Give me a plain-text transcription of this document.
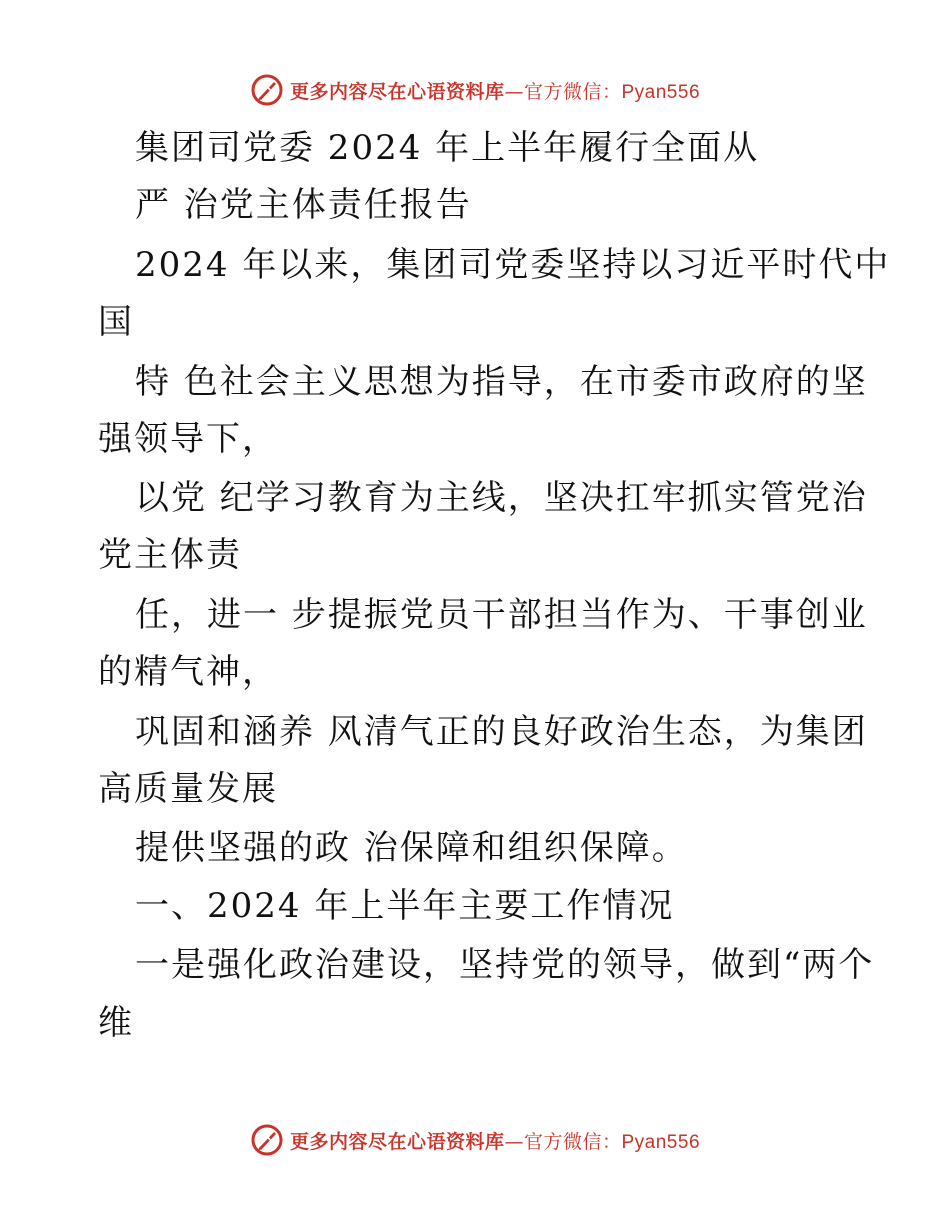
更多内容尽在心语资料库—官方微信：Pyan556
集团司党委 2024 年上半年履行全面从
严 治党主体责任报告
2024 年以来，集团司党委坚持以习近平时代中
国
特 色社会主义思想为指导，在市委市政府的坚
强领导下，
以党 纪学习教育为主线，坚决扛牢抓实管党治
党主体责
任，进一 步提振党员干部担当作为、干事创业
的精气神，
巩固和涵养 风清气正的良好政治生态，为集团
高质量发展
提供坚强的政 治保障和组织保障。
一、2024 年上半年主要工作情况
一是强化政治建设，坚持党的领导，做到“两个
维
更多内容尽在心语资料库—官方微信：Pyan556
